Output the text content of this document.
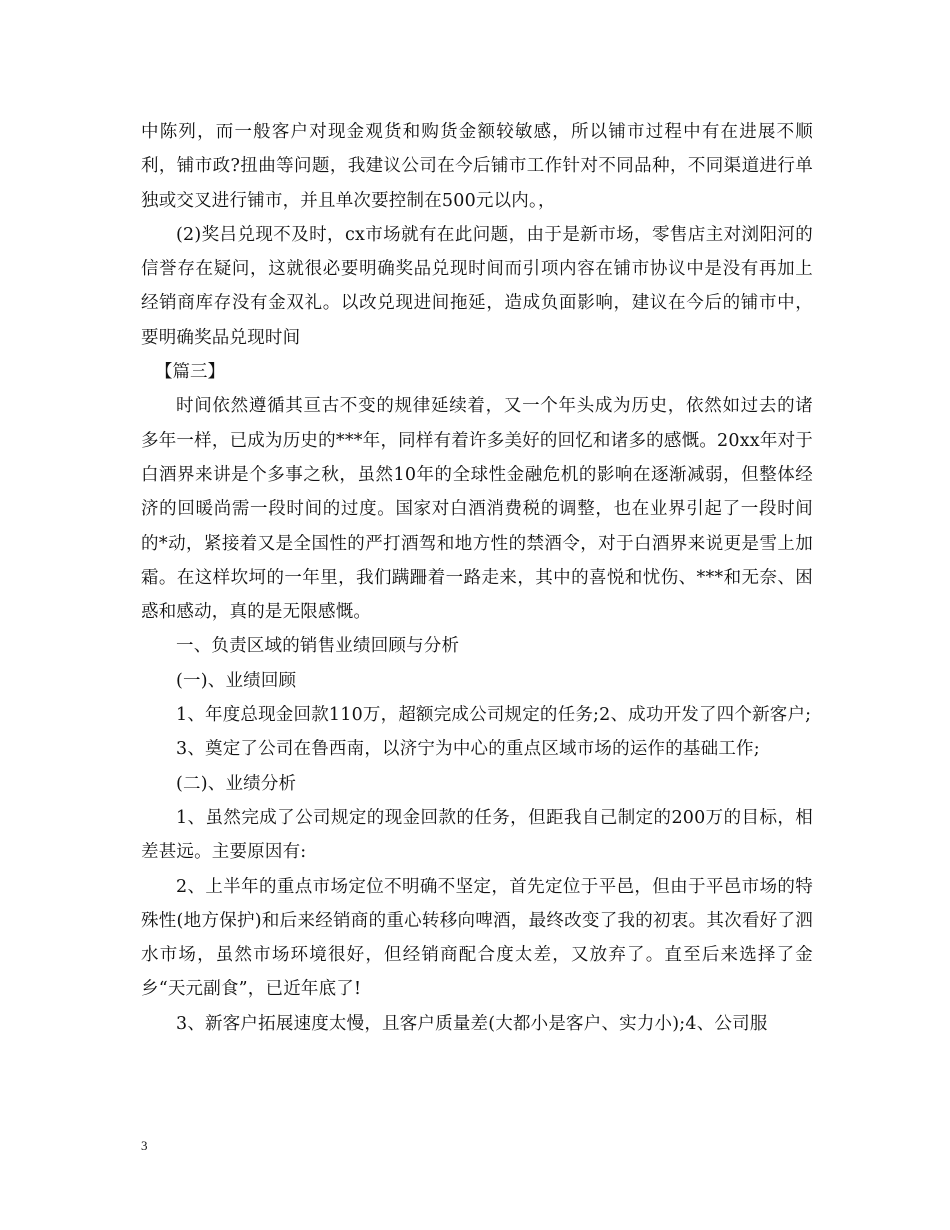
中陈列，而一般客户对现金观货和购货金额较敏感，所以铺市过程中有在进展不顺利，铺市政?扭曲等问题，我建议公司在今后铺市工作针对不同品种，不同渠道进行单独或交叉进行铺市，并且单次要控制在500元以内。，

(2)奖吕兑现不及时，cx市场就有在此问题，由于是新市场，零售店主对浏阳河的信誉存在疑问，这就很必要明确奖品兑现时间而引项内容在铺市协议中是没有再加上经销商库存没有金双礼。以改兑现进间拖延，造成负面影响，建议在今后的铺市中，要明确奖品兑现时间

【篇三】

时间依然遵循其亘古不变的规律延续着，又一个年头成为历史，依然如过去的诸多年一样，已成为历史的***年，同样有着许多美好的回忆和诸多的感慨。20xx年对于白酒界来讲是个多事之秋，虽然10年的全球性金融危机的影响在逐渐减弱，但整体经济的回暖尚需一段时间的过度。国家对白酒消费税的调整，也在业界引起了一段时间的*动，紧接着又是全国性的严打酒驾和地方性的禁酒令，对于白酒界来说更是雪上加霜。在这样坎坷的一年里，我们蹒跚着一路走来，其中的喜悦和忧伤、***和无奈、困惑和感动，真的是无限感慨。

一、负责区域的销售业绩回顾与分析

(一)、业绩回顾

1、年度总现金回款110万，超额完成公司规定的任务;2、成功开发了四个新客户;

3、奠定了公司在鲁西南，以济宁为中心的重点区域市场的运作的基础工作;

(二)、业绩分析

1、虽然完成了公司规定的现金回款的任务，但距我自己制定的200万的目标，相差甚远。主要原因有:

2、上半年的重点市场定位不明确不坚定，首先定位于平邑，但由于平邑市场的特殊性(地方保护)和后来经销商的重心转移向啤酒，最终改变了我的初衷。其次看好了泗水市场，虽然市场环境很好，但经销商配合度太差，又放弃了。直至后来选择了金乡“天元副食”，已近年底了!

3、新客户拓展速度太慢，且客户质量差(大都小是客户、实力小);4、公司服

3
